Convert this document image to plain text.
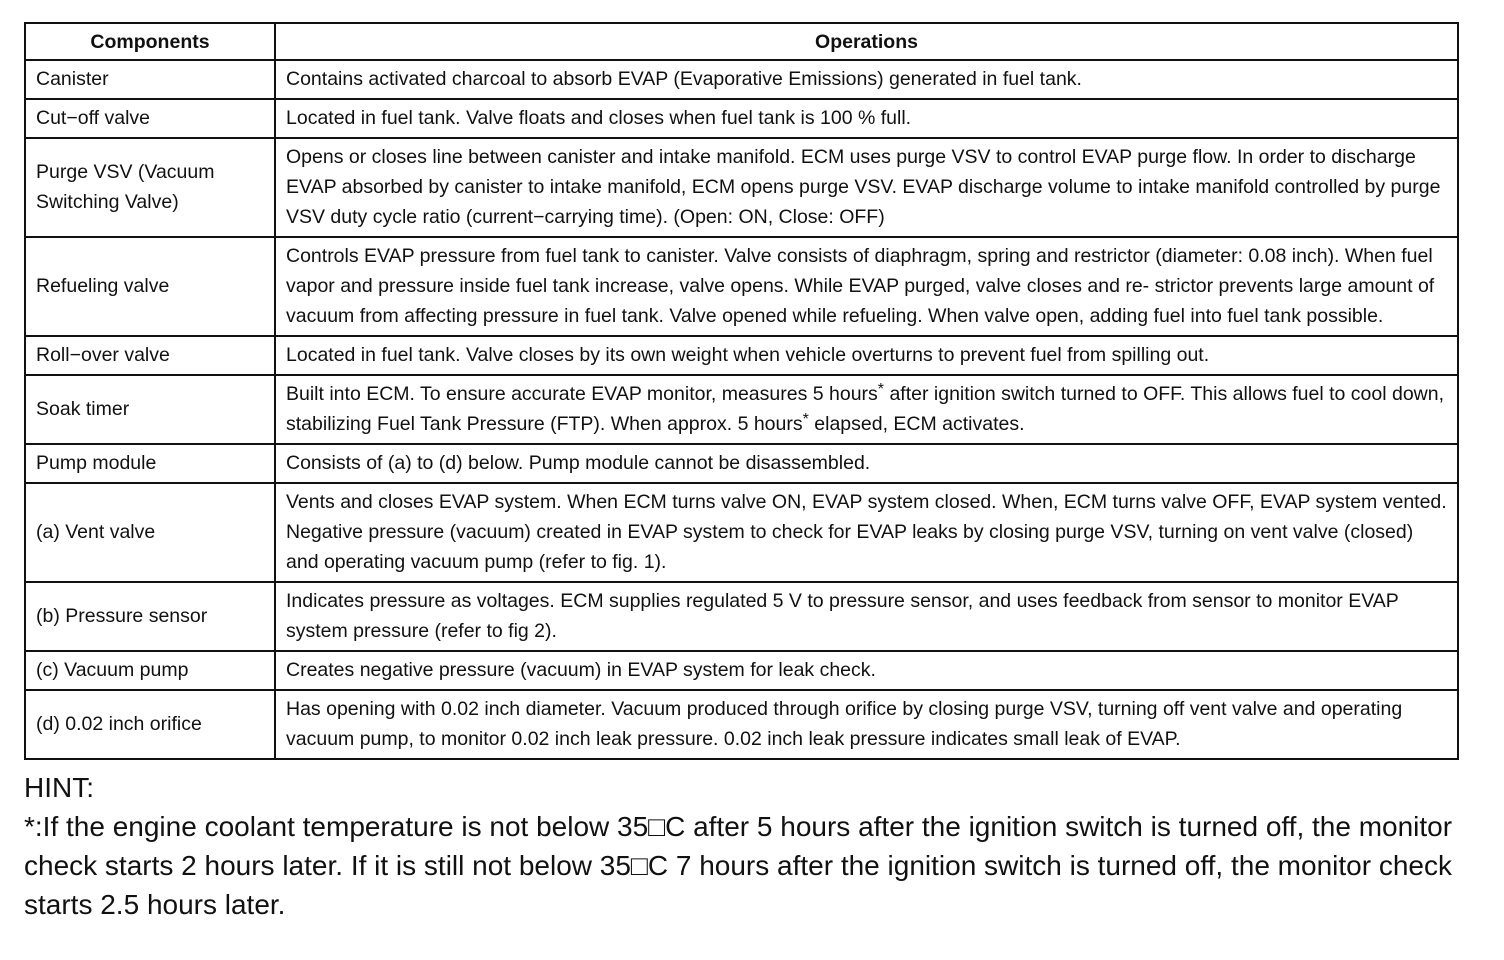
Components	Operations
Canister	Contains activated charcoal to absorb EVAP (Evaporative Emissions) generated in fuel tank.
Cut−off valve	Located in fuel tank. Valve floats and closes when fuel tank is 100 % full.
Purge VSV (Vacuum Switching Valve)	Opens or closes line between canister and intake manifold. ECM uses purge VSV to control EVAP purge flow. In order to discharge EVAP absorbed by canister to intake manifold, ECM opens purge VSV. EVAP discharge volume to intake manifold controlled by purge VSV duty cycle ratio (current−carrying time). (Open: ON, Close: OFF)
Refueling valve	Controls EVAP pressure from fuel tank to canister. Valve consists of diaphragm, spring and restrictor (diameter: 0.08 inch). When fuel vapor and pressure inside fuel tank increase, valve opens. While EVAP purged, valve closes and re- strictor prevents large amount of vacuum from affecting pressure in fuel tank. Valve opened while refueling. When valve open, adding fuel into fuel tank possible.
Roll−over valve	Located in fuel tank. Valve closes by its own weight when vehicle overturns to prevent fuel from spilling out.
Soak timer	Built into ECM. To ensure accurate EVAP monitor, measures 5 hours* after ignition switch turned to OFF. This allows fuel to cool down, stabilizing Fuel Tank Pressure (FTP). When approx. 5 hours* elapsed, ECM activates.
Pump module	Consists of (a) to (d) below. Pump module cannot be disassembled.
(a) Vent valve	Vents and closes EVAP system. When ECM turns valve ON, EVAP system closed. When, ECM turns valve OFF, EVAP system vented. Negative pressure (vacuum) created in EVAP system to check for EVAP leaks by closing purge VSV, turning on vent valve (closed) and operating vacuum pump (refer to fig. 1).
(b) Pressure sensor	Indicates pressure as voltages. ECM supplies regulated 5 V to pressure sensor, and uses feedback from sensor to monitor EVAP system pressure (refer to fig 2).
(c) Vacuum pump	Creates negative pressure (vacuum) in EVAP system for leak check.
(d) 0.02 inch orifice	Has opening with 0.02 inch diameter. Vacuum produced through orifice by closing purge VSV, turning off vent valve and operating vacuum pump, to monitor 0.02 inch leak pressure. 0.02 inch leak pressure indicates small leak of EVAP.
HINT:
*:If the engine coolant temperature is not below 35□C after 5 hours after the ignition switch is turned off, the monitor check starts 2 hours later. If it is still not below 35□C 7 hours after the ignition switch is turned off, the monitor check starts 2.5 hours later.
